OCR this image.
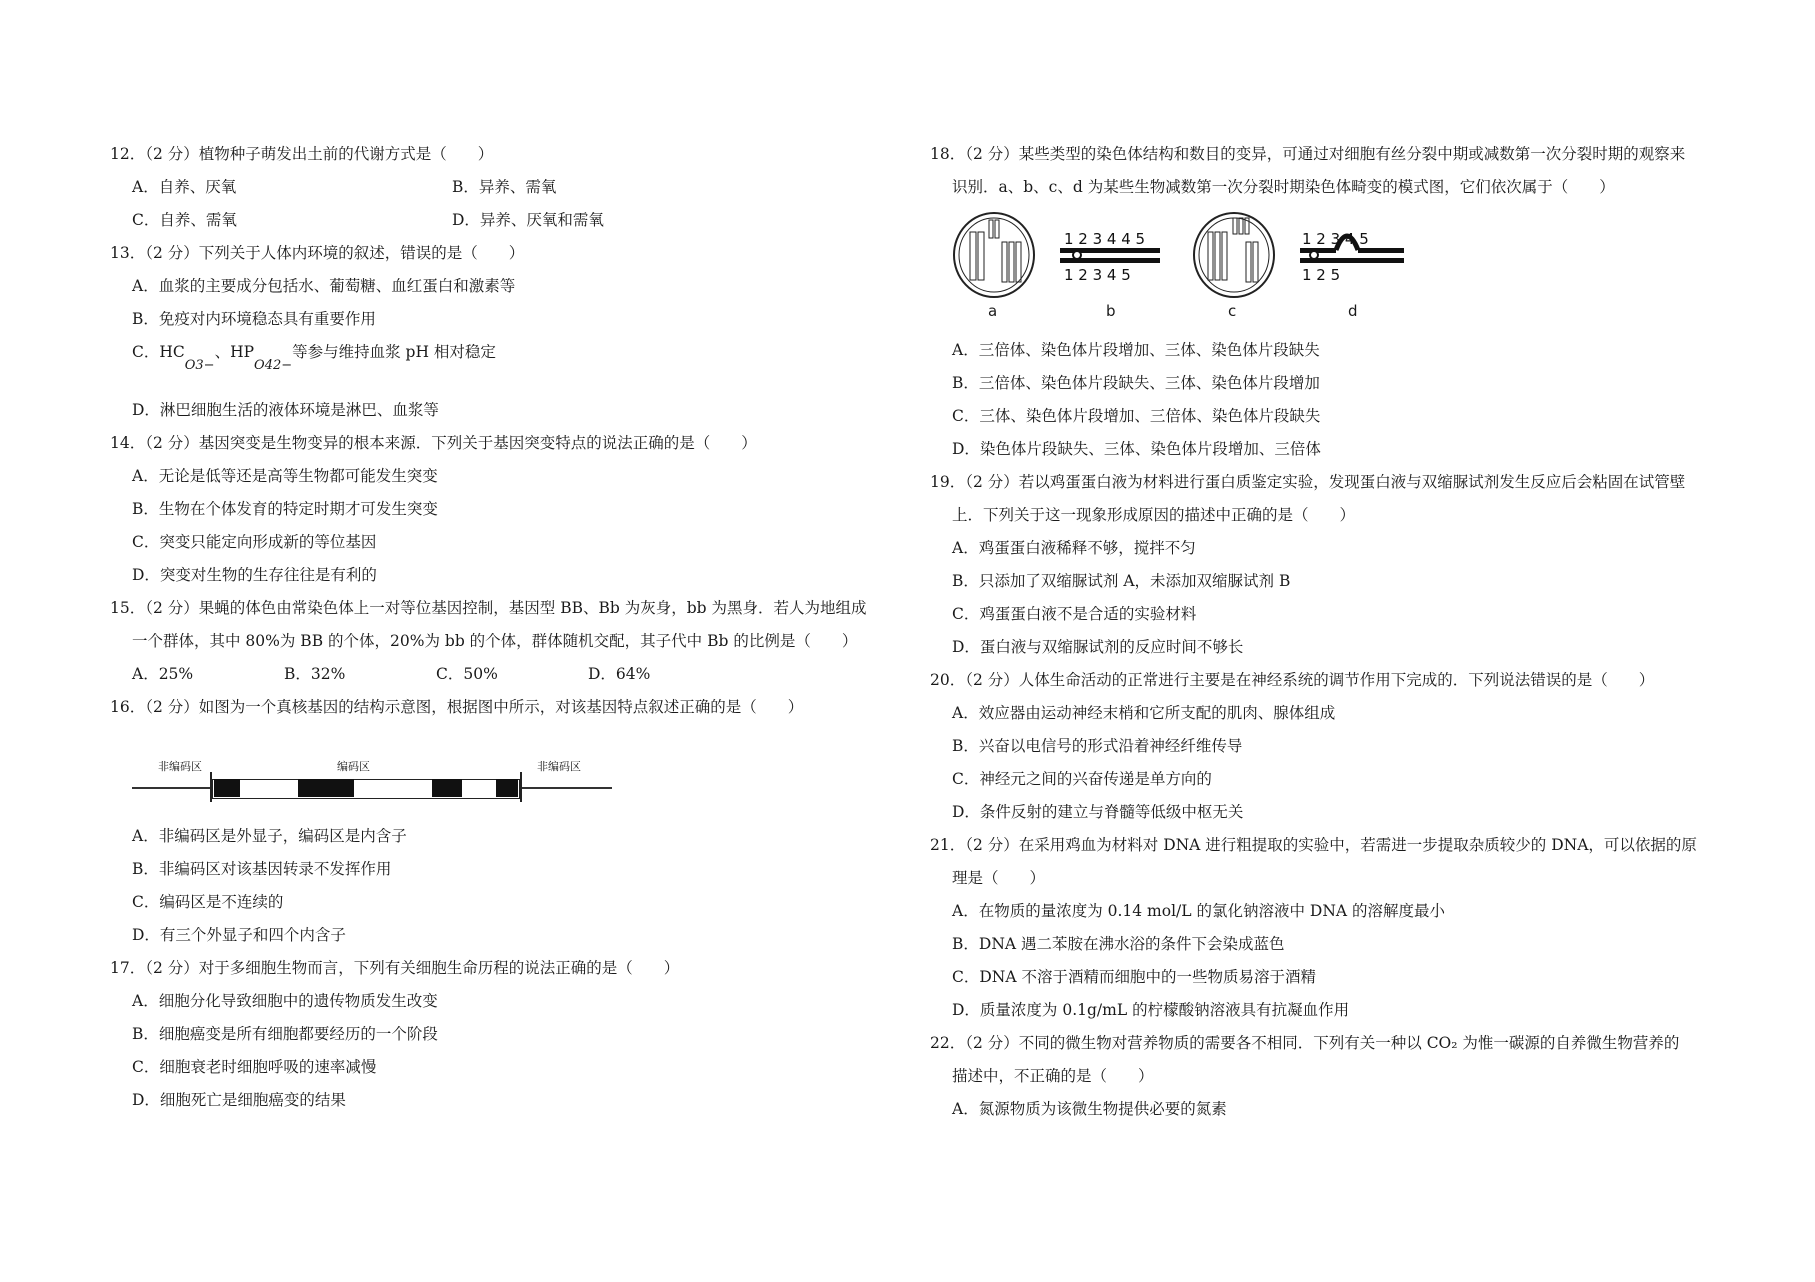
12．（2 分）植物种子萌发出土前的代谢方式是（　　）
A．自养、厌氧	B．异养、需氧
C．自养、需氧	D．异养、厌氧和需氧
13．（2 分）下列关于人体内环境的叙述，错误的是（　　）
A．血浆的主要成分包括水、葡萄糖、血红蛋白和激素等
B．免疫对内环境稳态具有重要作用
C．$HC_{O3-}$、$HP_{O42-}$等参与维持血浆 pH 相对稳定
D．淋巴细胞生活的液体环境是淋巴、血浆等
14．（2 分）基因突变是生物变异的根本来源．下列关于基因突变特点的说法正确的是（　　）
A．无论是低等还是高等生物都可能发生突变
B．生物在个体发育的特定时期才可发生突变
C．突变只能定向形成新的等位基因
D．突变对生物的生存往往是有利的
15．（2 分）果蝇的体色由常染色体上一对等位基因控制，基因型 BB、Bb 为灰身，bb 为黑身．若人为地组成
一个群体，其中 80%为 BB 的个体，20%为 bb 的个体，群体随机交配，其子代中 Bb 的比例是（　　）
A．25%	B．32%	C．50%	D．64%
16．（2 分）如图为一个真核基因的结构示意图，根据图中所示，对该基因特点叙述正确的是（　　）
非编码区	编码区	非编码区
A．非编码区是外显子，编码区是内含子
B．非编码区对该基因转录不发挥作用
C．编码区是不连续的
D．有三个外显子和四个内含子
17．（2 分）对于多细胞生物而言，下列有关细胞生命历程的说法正确的是（　　）
A．细胞分化导致细胞中的遗传物质发生改变
B．细胞癌变是所有细胞都要经历的一个阶段
C．细胞衰老时细胞呼吸的速率减慢
D．细胞死亡是细胞癌变的结果
18．（2 分）某些类型的染色体结构和数目的变异，可通过对细胞有丝分裂中期或减数第一次分裂时期的观察来
识别．a、b、c、d 为某些生物减数第一次分裂时期染色体畸变的模式图，它们依次属于（　　）
1 2 3 4 4 5
1 2 3 4 5
1 2 3 4 5
1 2 5
a	b	c	d
A．三倍体、染色体片段增加、三体、染色体片段缺失
B．三倍体、染色体片段缺失、三体、染色体片段增加
C．三体、染色体片段增加、三倍体、染色体片段缺失
D．染色体片段缺失、三体、染色体片段增加、三倍体
19．（2 分）若以鸡蛋蛋白液为材料进行蛋白质鉴定实验，发现蛋白液与双缩脲试剂发生反应后会粘固在试管壁
上．下列关于这一现象形成原因的描述中正确的是（　　）
A．鸡蛋蛋白液稀释不够，搅拌不匀
B．只添加了双缩脲试剂 A，未添加双缩脲试剂 B
C．鸡蛋蛋白液不是合适的实验材料
D．蛋白液与双缩脲试剂的反应时间不够长
20．（2 分）人体生命活动的正常进行主要是在神经系统的调节作用下完成的．下列说法错误的是（　　）
A．效应器由运动神经末梢和它所支配的肌肉、腺体组成
B．兴奋以电信号的形式沿着神经纤维传导
C．神经元之间的兴奋传递是单方向的
D．条件反射的建立与脊髓等低级中枢无关
21．（2 分）在采用鸡血为材料对 DNA 进行粗提取的实验中，若需进一步提取杂质较少的 DNA，可以依据的原
理是（　　）
A．在物质的量浓度为 0.14 mol/L 的氯化钠溶液中 DNA 的溶解度最小
B．DNA 遇二苯胺在沸水浴的条件下会染成蓝色
C．DNA 不溶于酒精而细胞中的一些物质易溶于酒精
D．质量浓度为 0.1g/mL 的柠檬酸钠溶液具有抗凝血作用
22．（2 分）不同的微生物对营养物质的需要各不相同．下列有关一种以 CO₂ 为惟一碳源的自养微生物营养的
描述中，不正确的是（　　）
A．氮源物质为该微生物提供必要的氮素
